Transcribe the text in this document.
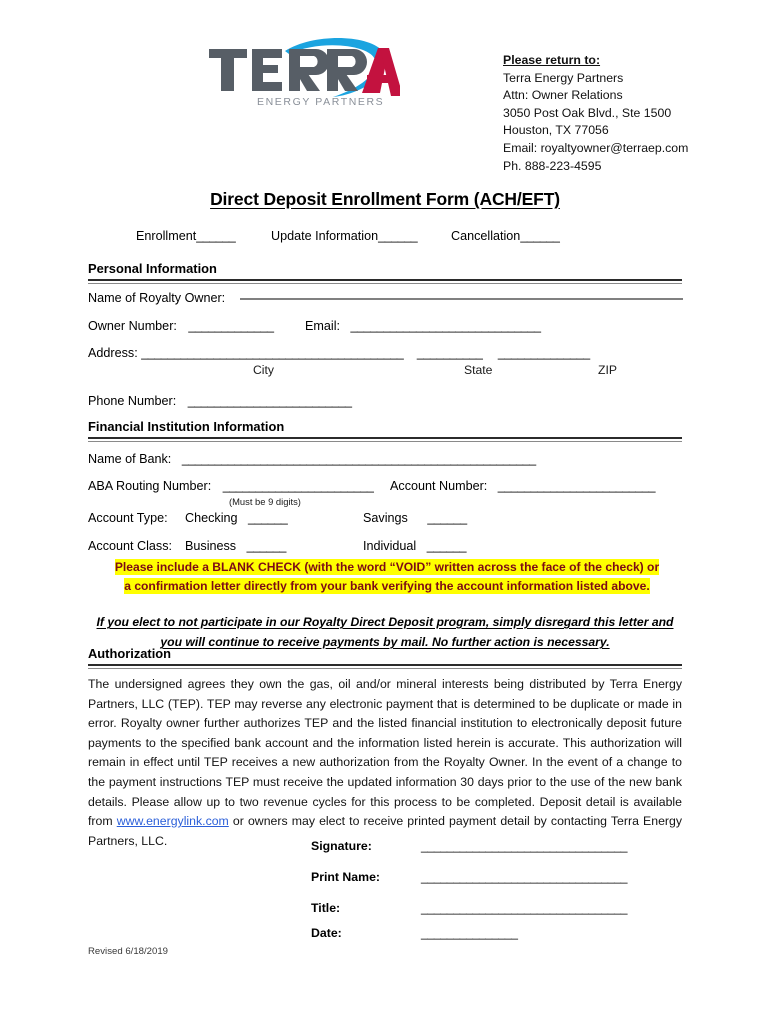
ENERGY PARTNERS
Please return to:
Terra Energy Partners
Attn: Owner Relations
3050 Post Oak Blvd., Ste 1500
Houston, TX 77056
Email: royaltyowner@terraep.com
Ph. 888-223-4595
Direct Deposit Enrollment Form (ACH/EFT)
Enrollment______	Update Information______	Cancellation______
Personal Information
Name of Royalty Owner:
Owner Number: _____________ Email: _____________________________
Address: ________________________________________ __________ ______________
City	State	ZIP
Phone Number: _________________________
Financial Institution Information
Name of Bank: ______________________________________________________
ABA Routing Number: _______________________ Account Number: ________________________
(Must be 9 digits)
Account Type: Checking ______	Savings ______
Account Class: Business ______	Individual ______
Please include a BLANK CHECK (with the word “VOID” written across the face of the check) or a confirmation letter directly from your bank verifying the account information listed above.
If you elect to not participate in our Royalty Direct Deposit program, simply disregard this letter and you will continue to receive payments by mail. No further action is necessary.
Authorization
The undersigned agrees they own the gas, oil and/or mineral interests being distributed by Terra Energy Partners, LLC (TEP). TEP may reverse any electronic payment that is determined to be duplicate or made in error. Royalty owner further authorizes TEP and the listed financial institution to electronically deposit future payments to the specified bank account and the information listed herein is accurate. This authorization will remain in effect until TEP receives a new authorization from the Royalty Owner. In the event of a change to the payment instructions TEP must receive the updated information 30 days prior to the use of the new bank details. Please allow up to two revenue cycles for this process to be completed. Deposit detail is available from www.energylink.com or owners may elect to receive printed payment detail by contacting Terra Energy Partners, LLC.	Signature:	________________________________
Print Name:	________________________________
Title:	________________________________
Date:	_______________
Revised 6/18/2019
